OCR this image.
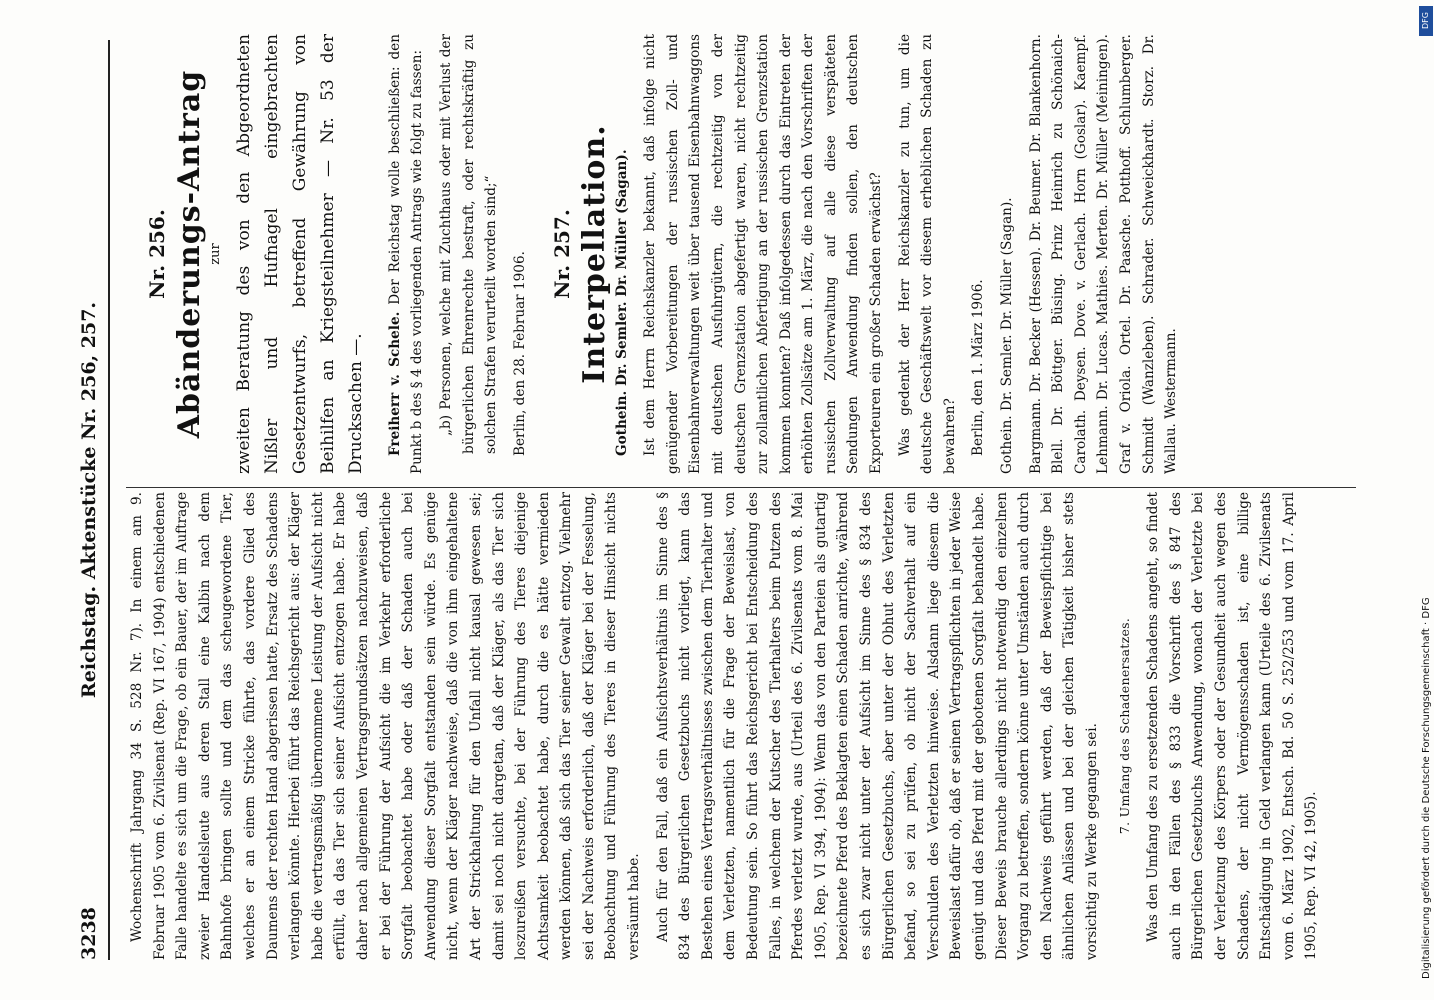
3238
Reichstag. Aktenstücke Nr. 256, 257. Wochenschrift Jahrgang 34 S. 528 Nr. 7). In einem am 9. Februar 1905 vom 6. Zivilsenat (Rep. VI 167, 1904) entschiedenen Falle handelte es sich um die Frage, ob ein Bauer, der im Auftrage zweier Handelsleute aus deren Stall eine Kalbin nach dem Bahnhofe bringen sollte und dem das scheugewordene Tier, welches er an einem Stricke führte, das vordere Glied des Daumens der rechten Hand abgerissen hatte, Ersatz des Schadens verlangen könnte. Hierbei führt das Reichsgericht aus: der Kläger habe die vertragsmäßig übernommene Leistung der Aufsicht nicht erfüllt, da das Tier sich seiner Aufsicht entzogen habe. Er habe daher nach allgemeinen Vertragsgrundsätzen nachzuweisen, daß er bei der Führung der Aufsicht die im Verkehr erforderliche Sorgfalt beobachtet habe oder daß der Schaden auch bei Anwendung dieser Sorgfalt entstanden sein würde. Es genüge nicht, wenn der Kläger nachweise, daß die von ihm eingehaltene Art der Strickhaltung für den Unfall nicht kausal gewesen sei; damit sei noch nicht dargetan, daß der Kläger, als das Tier sich loszureißen versuchte, bei der Führung des Tieres diejenige Achtsamkeit beobachtet habe, durch die es hätte vermieden werden können, daß sich das Tier seiner Gewalt entzog. Vielmehr sei der Nachweis erforderlich, daß der Kläger bei der Fesselung, Beobachtung und Führung des Tieres in dieser Hinsicht nichts versäumt habe. Auch für den Fall, daß ein Aufsichtsverhältnis im Sinne des § 834 des Bürgerlichen Gesetzbuchs nicht vorliegt, kann das Bestehen eines Vertragsverhältnisses zwischen dem Tierhalter und dem Verletzten, namentlich für die Frage der Beweislast, von Bedeutung sein. So führt das Reichsgericht bei Entscheidung des Falles, in welchem der Kutscher des Tierhalters beim Putzen des Pferdes verletzt wurde, aus (Urteil des 6. Zivilsenats vom 8. Mai 1905, Rep. VI 394, 1904): Wenn das von den Parteien als gutartig bezeichnete Pferd des Beklagten einen Schaden anrichte, während es sich zwar nicht unter der Aufsicht im Sinne des § 834 des Bürgerlichen Gesetzbuchs, aber unter der Obhut des Verletzten befand, so sei zu prüfen, ob nicht der Sachverhalt auf ein Verschulden des Verletzten hinweise. Alsdann liege diesem die Beweislast dafür ob, daß er seinen Vertragspflichten in jeder Weise genügt und das Pferd mit der gebotenen Sorgfalt behandelt habe. Dieser Beweis brauche allerdings nicht notwendig den einzelnen Vorgang zu betreffen, sondern könne unter Umständen auch durch den Nachweis geführt werden, daß der Beweispflichtige bei ähnlichen Anlässen und bei der gleichen Tätigkeit bisher stets vorsichtig zu Werke gegangen sei. 7. Umfang des Schadenersatzes. Was den Umfang des zu ersetzenden Schadens angeht, so findet auch in den Fällen des § 833 die Vorschrift des § 847 des Bürgerlichen Gesetzbuchs Anwendung, wonach der Verletzte bei der Verletzung des Körpers oder der Gesundheit auch wegen des Schadens, der nicht Vermögensschaden ist, eine billige Entschädigung in Geld verlangen kann (Urteile des 6. Zivilsenats vom 6. März 1902, Entsch. Bd. 50 S. 252/253 und vom 17. April 1905, Rep. VI 42, 1905).

Nr. 256. Abänderungs-Antrag zur zweiten Beratung des von den Abgeordneten Nißler und Hufnagel eingebrachten Gesetzentwurfs, betreffend Gewährung von Beihilfen an Kriegsteilnehmer — Nr. 53 der Drucksachen —. Freiherr v. Schele. Der Reichstag wolle beschließen: den Punkt b des § 4 des vorliegenden Antrags wie folgt zu fassen: „b) Personen, welche mit Zuchthaus oder mit Verlust der bürgerlichen Ehrenrechte bestraft, oder rechtskräftig zu solchen Strafen verurteilt worden sind;“ Berlin, den 28. Februar 1906. Nr. 257. Interpellation. Gothein. Dr. Semler. Dr. Müller (Sagan). Ist dem Herrn Reichskanzler bekannt, daß infolge nicht genügender Vorbereitungen der russischen Zoll- und Eisenbahnverwaltungen weit über tausend Eisenbahnwaggons mit deutschen Ausfuhrgütern, die rechtzeitig von der deutschen Grenzstation abgefertigt waren, nicht rechtzeitig zur zollamtlichen Abfertigung an der russischen Grenzstation kommen konnten? Daß infolgedessen durch das Eintreten der erhöhten Zollsätze am 1. März, die nach den Vorschriften der russischen Zollverwaltung auf alle diese verspäteten Sendungen Anwendung finden sollen, den deutschen Exporteuren ein großer Schaden erwächst? Was gedenkt der Herr Reichskanzler zu tun, um die deutsche Geschäftswelt vor diesem erheblichen Schaden zu bewahren? Berlin, den 1. März 1906. Gothein. Dr. Semler. Dr. Müller (Sagan). Bargmann. Dr. Becker (Hessen). Dr. Beumer. Dr. Blankenhorn. Blell. Dr. Böttger. Büsing. Prinz Heinrich zu Schönaich-Carolath. Deysen. Dove. v. Gerlach. Horn (Goslar). Kaempf. Lehmann. Dr. Lucas. Mathies. Merten. Dr. Müller (Meiningen). Graf v. Oriola. Ortel. Dr. Paasche. Potthoff. Schlumberger. Schmidt (Wanzleben). Schrader. Schweickhardt. Storz. Dr. Wallau. Westermann.

DFG
Digitalisierung gefördert durch die Deutsche Forschungsgemeinschaft · DFG
